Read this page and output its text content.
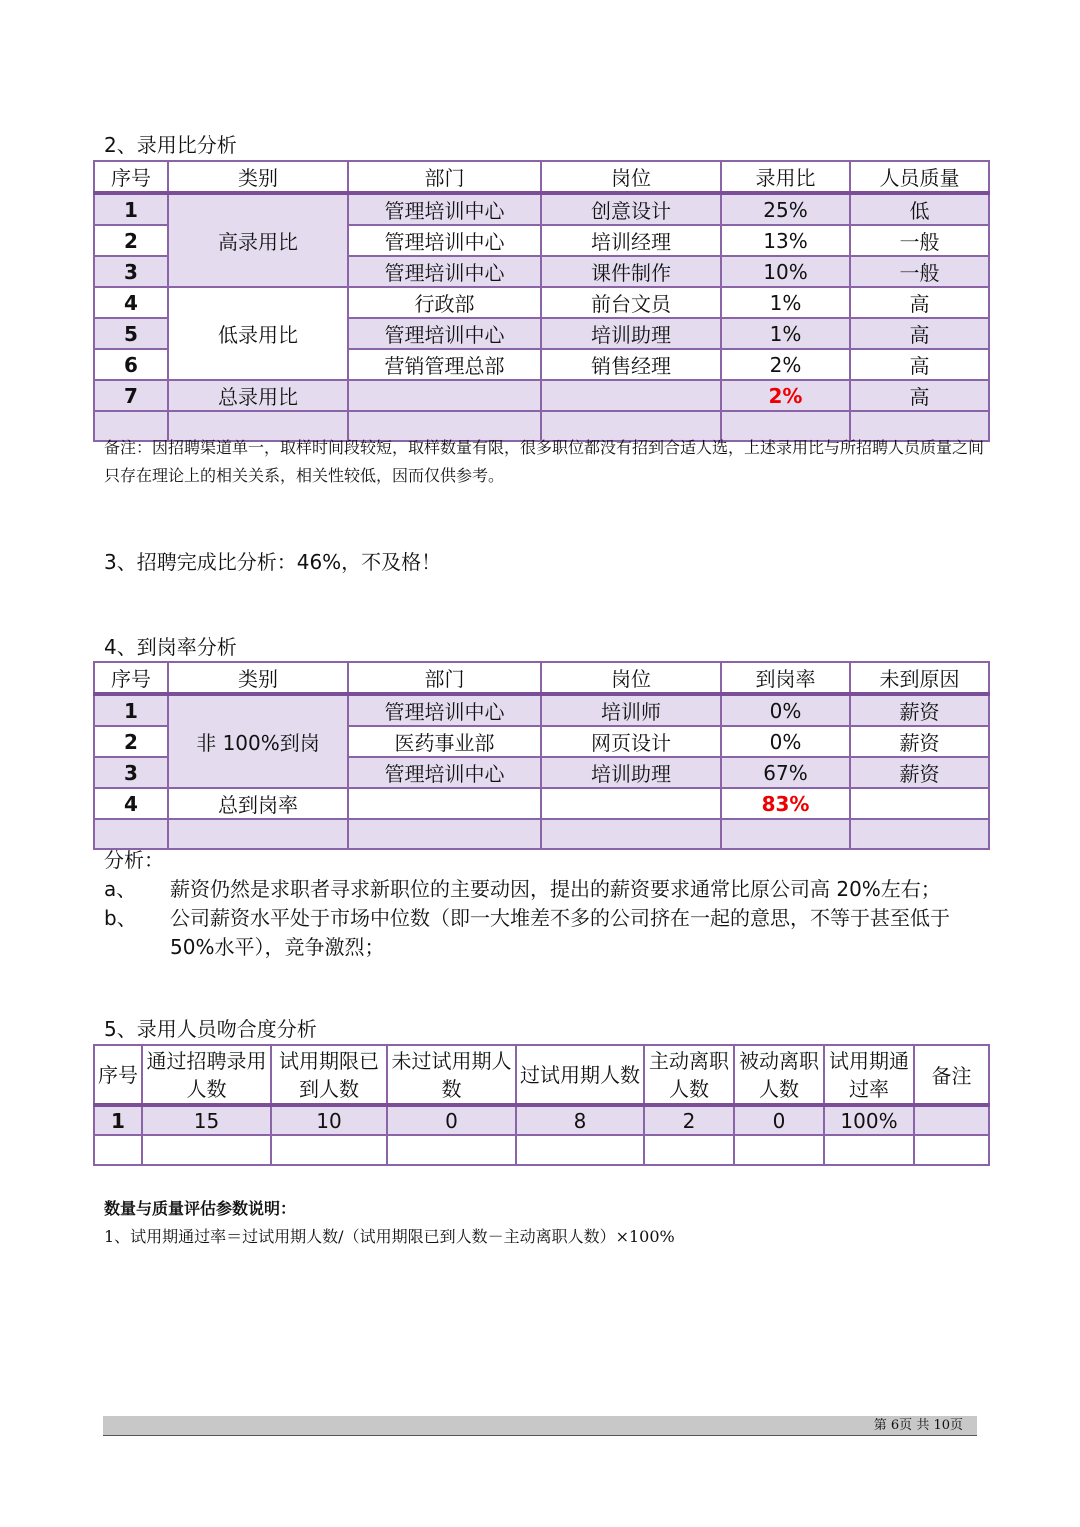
2、录用比分析
序号	类别	部门	岗位	录用比	人员质量
1	高录用比	管理培训中心	创意设计	25%	低
2		管理培训中心	培训经理	13%	一般
3		管理培训中心	课件制作	10%	一般
4	低录用比	行政部	前台文员	1%	高
5		管理培训中心	培训助理	1%	高
6		营销管理总部	销售经理	2%	高
7	总录用比			2%	高

备注：因招聘渠道单一，取样时间段较短，取样数量有限，很多职位都没有招到合适人选，上述录用比与所招聘人员质量之间只存在理论上的相关关系，相关性较低，因而仅供参考。
3、招聘完成比分析：46%，不及格！
4、到岗率分析
序号	类别	部门	岗位	到岗率	未到原因
1	非 100%到岗	管理培训中心	培训师	0%	薪资
2		医药事业部	网页设计	0%	薪资
3		管理培训中心	培训助理	67%	薪资
4	总到岗率			83%	

分析：
a、	薪资仍然是求职者寻求新职位的主要动因，提出的薪资要求通常比原公司高 20%左右；
b、	公司薪资水平处于市场中位数（即一大堆差不多的公司挤在一起的意思，不等于甚至低于 50%水平），竞争激烈；
5、录用人员吻合度分析
序号	通过招聘录用人数	试用期限已到人数	未过试用期人数	过试用期人数	主动离职人数	被动离职人数	试用期通过率	备注
1	15	10	0	8	2	0	100%	

数量与质量评估参数说明：
1、试用期通过率＝过试用期人数/（试用期限已到人数－主动离职人数）×100%
第 6页 共 10页
